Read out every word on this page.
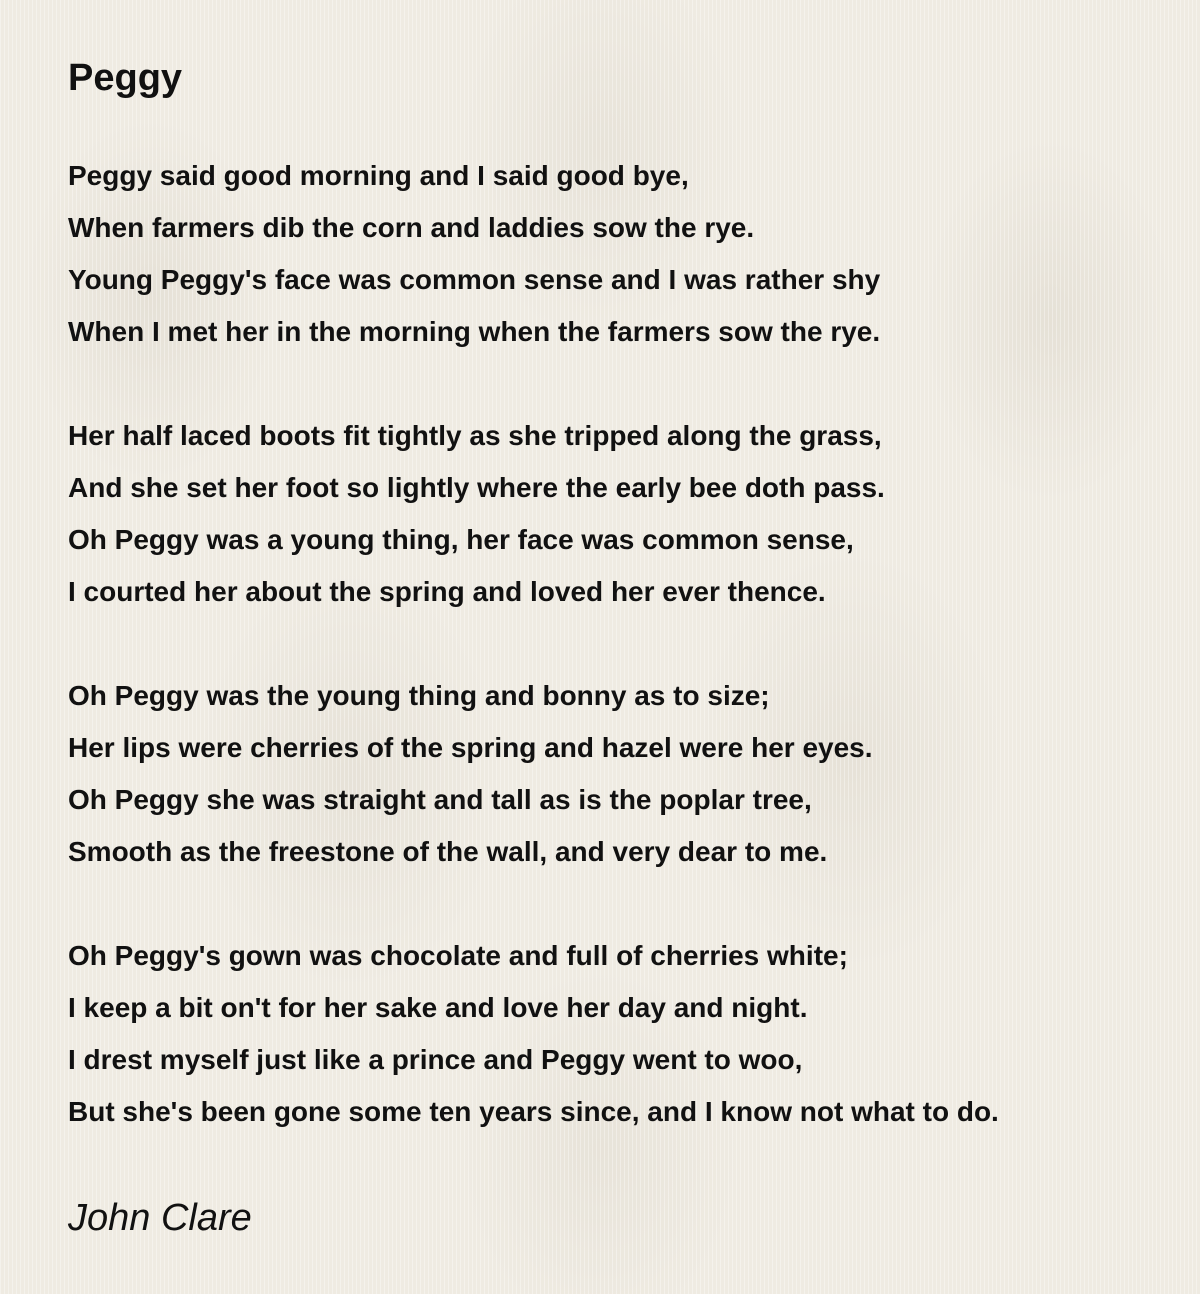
Peggy
Peggy said good morning and I said good bye,
When farmers dib the corn and laddies sow the rye.
Young Peggy's face was common sense and I was rather shy
When I met her in the morning when the farmers sow the rye.
Her half laced boots fit tightly as she tripped along the grass,
And she set her foot so lightly where the early bee doth pass.
Oh Peggy was a young thing, her face was common sense,
I courted her about the spring and loved her ever thence.
Oh Peggy was the young thing and bonny as to size;
Her lips were cherries of the spring and hazel were her eyes.
Oh Peggy she was straight and tall as is the poplar tree,
Smooth as the freestone of the wall, and very dear to me.
Oh Peggy's gown was chocolate and full of cherries white;
I keep a bit on't for her sake and love her day and night.
I drest myself just like a prince and Peggy went to woo,
But she's been gone some ten years since, and I know not what to do.
John Clare
